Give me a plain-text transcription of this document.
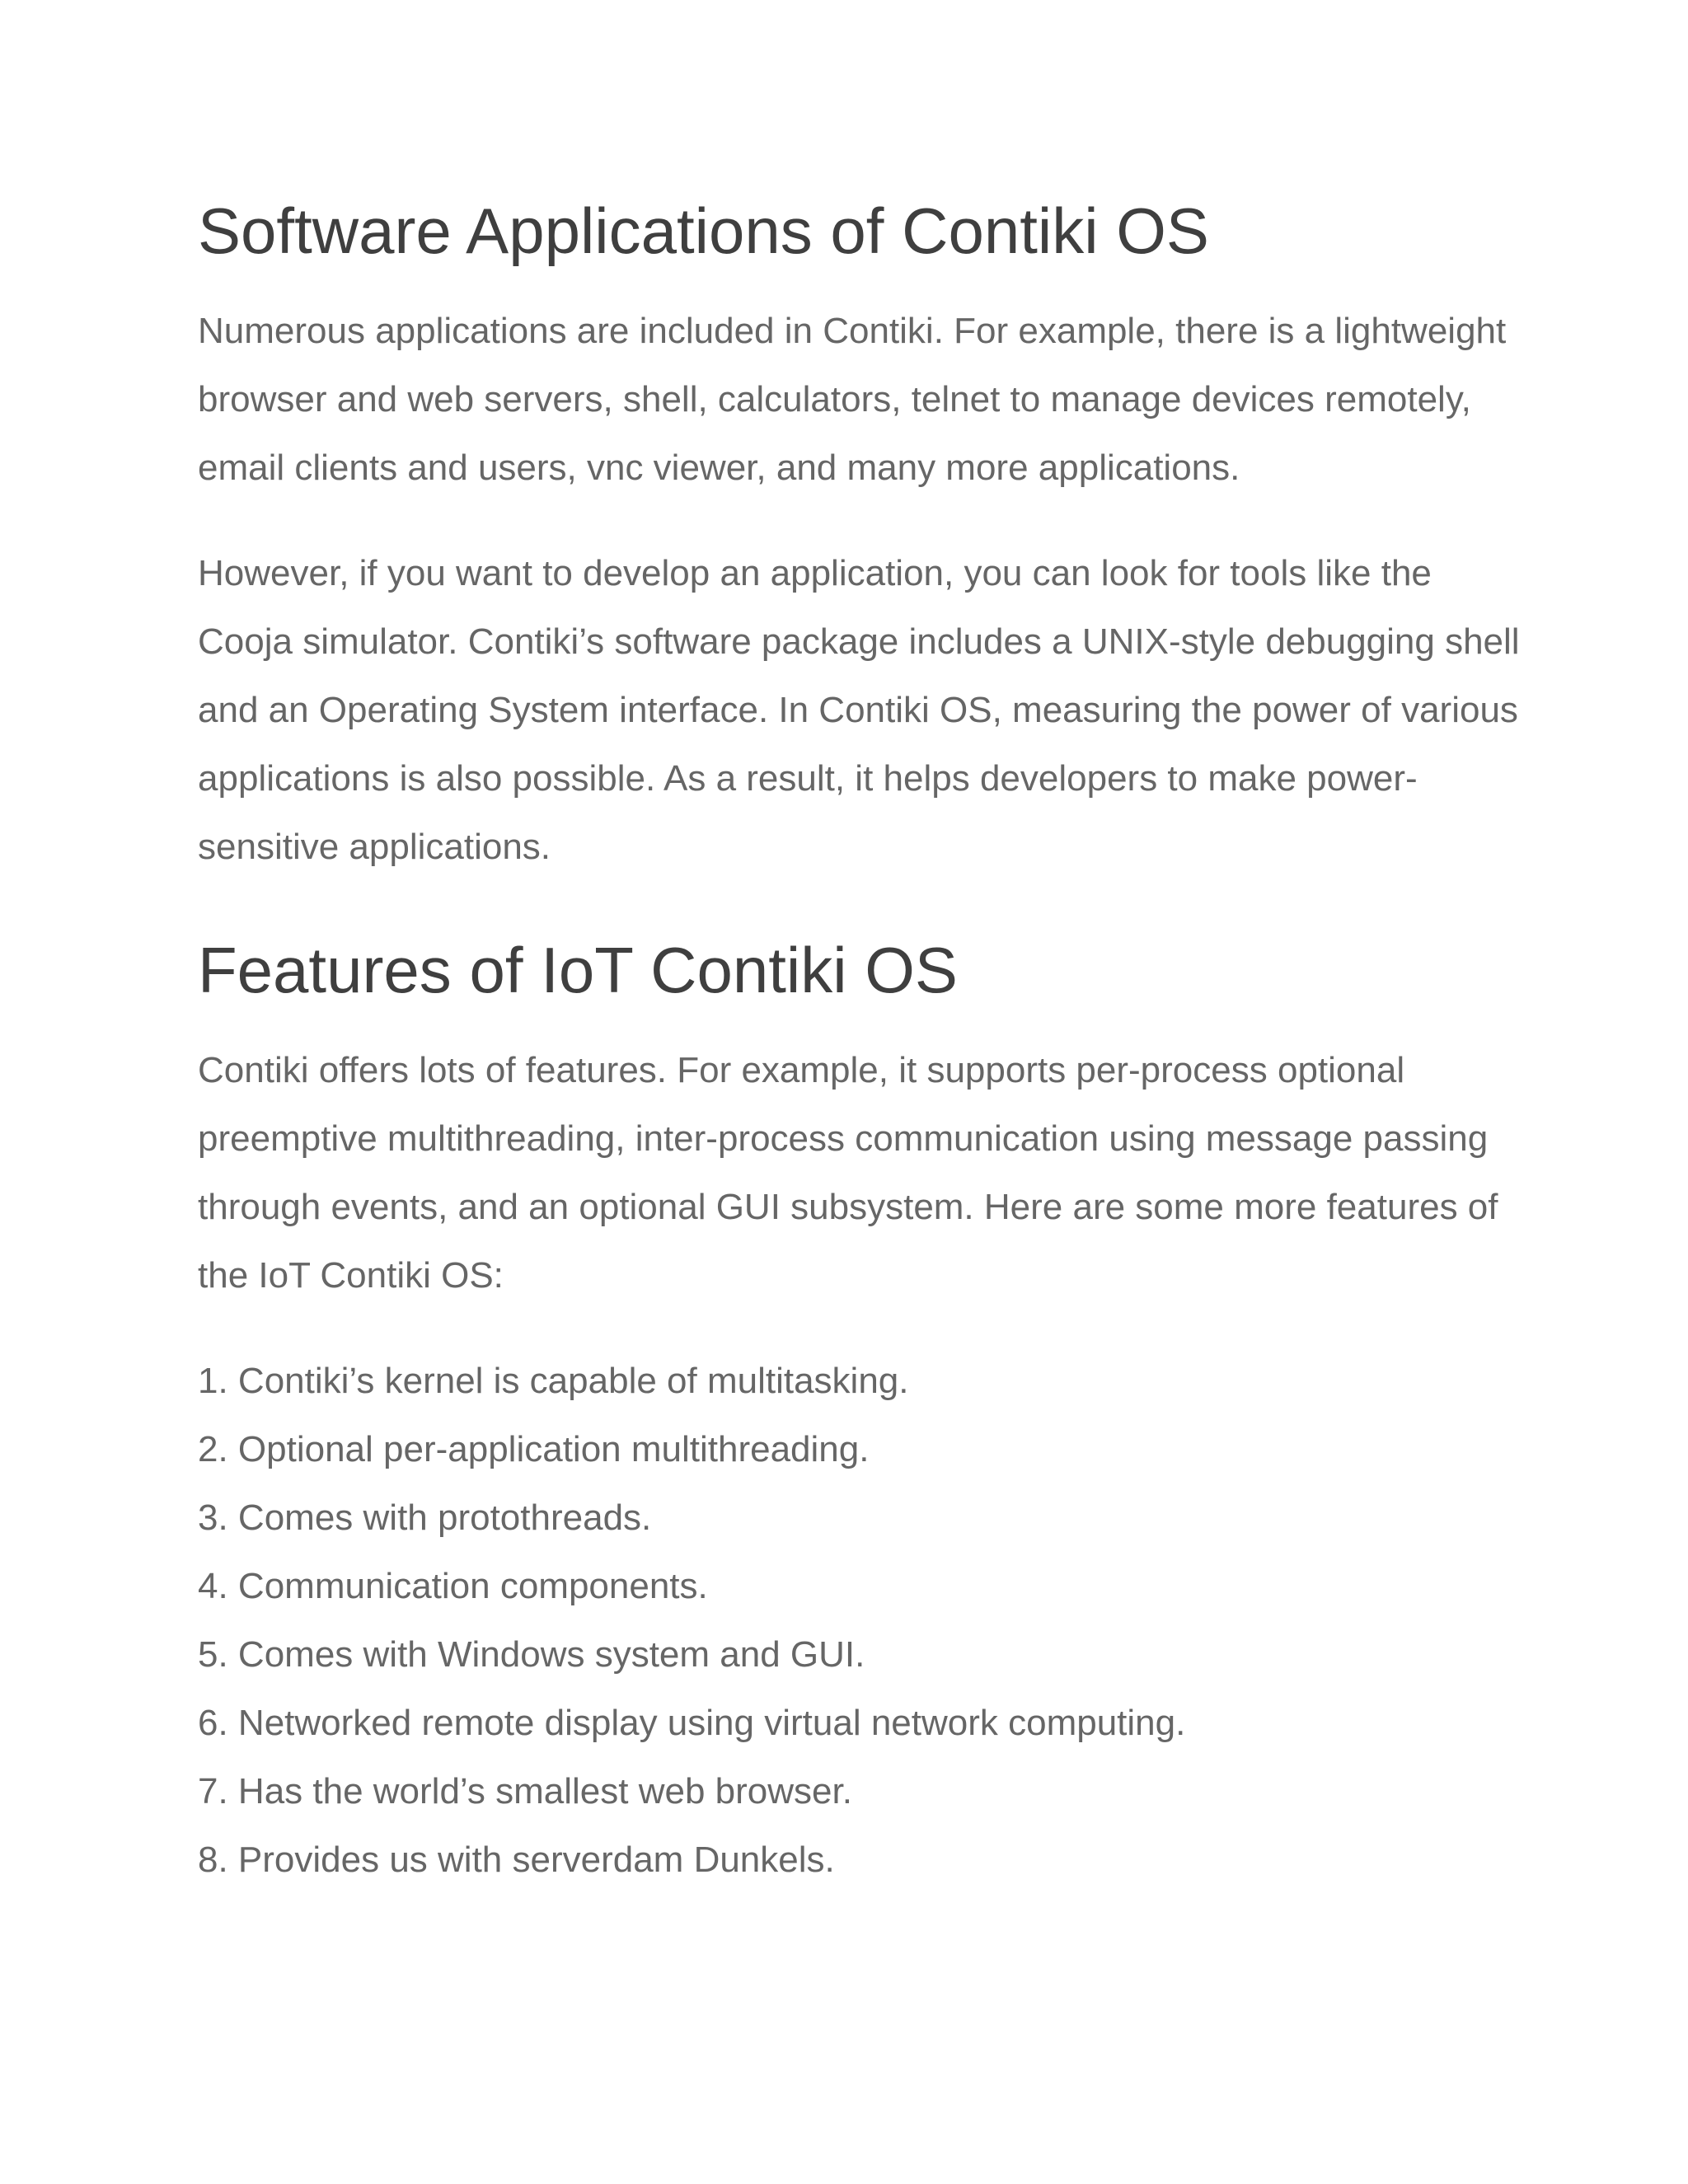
Software Applications of Contiki OS

Numerous applications are included in Contiki. For example, there is a lightweight browser and web servers, shell, calculators, telnet to manage devices remotely, email clients and users, vnc viewer, and many more applications.

However, if you want to develop an application, you can look for tools like the Cooja simulator. Contiki’s software package includes a UNIX-style debugging shell and an Operating System interface. In Contiki OS, measuring the power of various applications is also possible. As a result, it helps developers to make power-sensitive applications.

Features of IoT Contiki OS

Contiki offers lots of features. For example, it supports per-process optional preemptive multithreading, inter-process communication using message passing through events, and an optional GUI subsystem. Here are some more features of the IoT Contiki OS:

1. Contiki’s kernel is capable of multitasking.
2. Optional per-application multithreading.
3. Comes with protothreads.
4. Communication components.
5. Comes with Windows system and GUI.
6. Networked remote display using virtual network computing.
7. Has the world’s smallest web browser.
8. Provides us with serverdam Dunkels.
